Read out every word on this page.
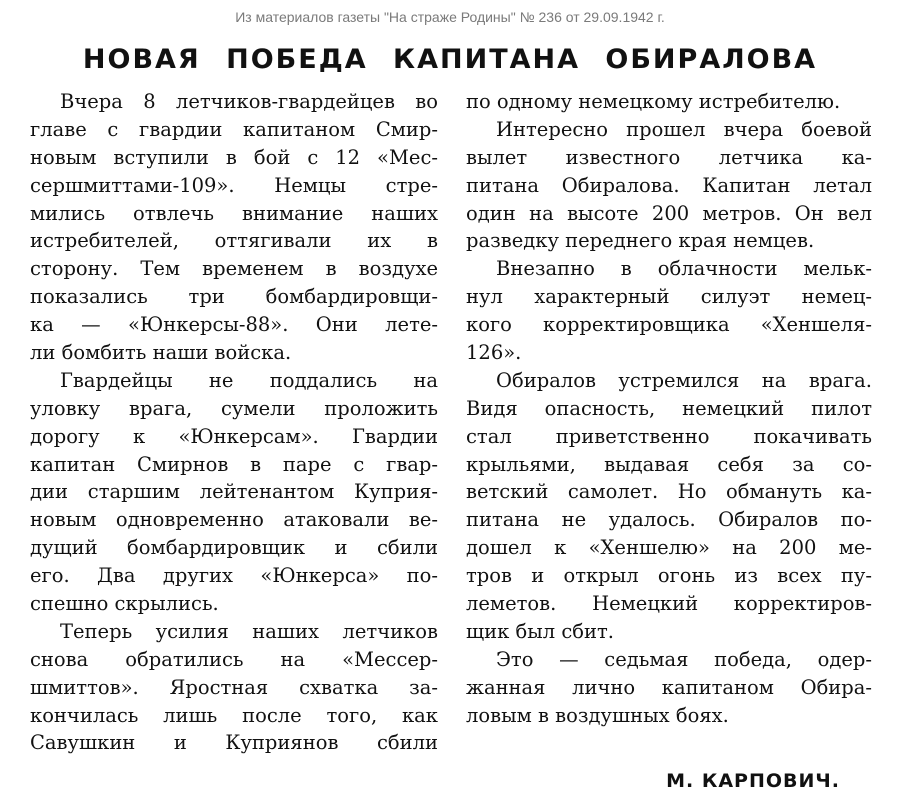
Из материалов газеты "На страже Родины" № 236 от 29.09.1942 г.
НОВАЯ ПОБЕДА КАПИТАНА ОБИРАЛОВА
Вчера 8 летчиков-гвардейцев во
главе с гвардии капитаном Смир-
новым вступили в бой с 12 «Мес-
сершмиттами-109». Немцы стре-
мились отвлечь внимание наших
истребителей, оттягивали их в
сторону. Тем временем в воздухе
показались три бомбардировщи-
ка — «Юнкерсы-88». Они лете-
ли бомбить наши войска.
Гвардейцы не поддались на
уловку врага, сумели проложить
дорогу к «Юнкерсам». Гвардии
капитан Смирнов в паре с гвар-
дии старшим лейтенантом Куприя-
новым одновременно атаковали ве-
дущий бомбардировщик и сбили
его. Два других «Юнкерса» по-
спешно скрылись.
Теперь усилия наших летчиков
снова обратились на «Мессер-
шмиттов». Яростная схватка за-
кончилась лишь после того, как
Савушкин и Куприянов сбили
по одному немецкому истребителю.
Интересно прошел вчера боевой
вылет известного летчика ка-
питана Обиралова. Капитан летал
один на высоте 200 метров. Он вел
разведку переднего края немцев.
Внезапно в облачности мельк-
нул характерный силуэт немец-
кого корректировщика «Хеншеля-
126».
Обиралов устремился на врага.
Видя опасность, немецкий пилот
стал приветственно покачивать
крыльями, выдавая себя за со-
ветский самолет. Но обмануть ка-
питана не удалось. Обиралов по-
дошел к «Хеншелю» на 200 ме-
тров и открыл огонь из всех пу-
леметов. Немецкий корректиров-
щик был сбит.
Это — седьмая победа, одер-
жанная лично капитаном Обира-
ловым в воздушных боях.
М. КАРПОВИЧ.
